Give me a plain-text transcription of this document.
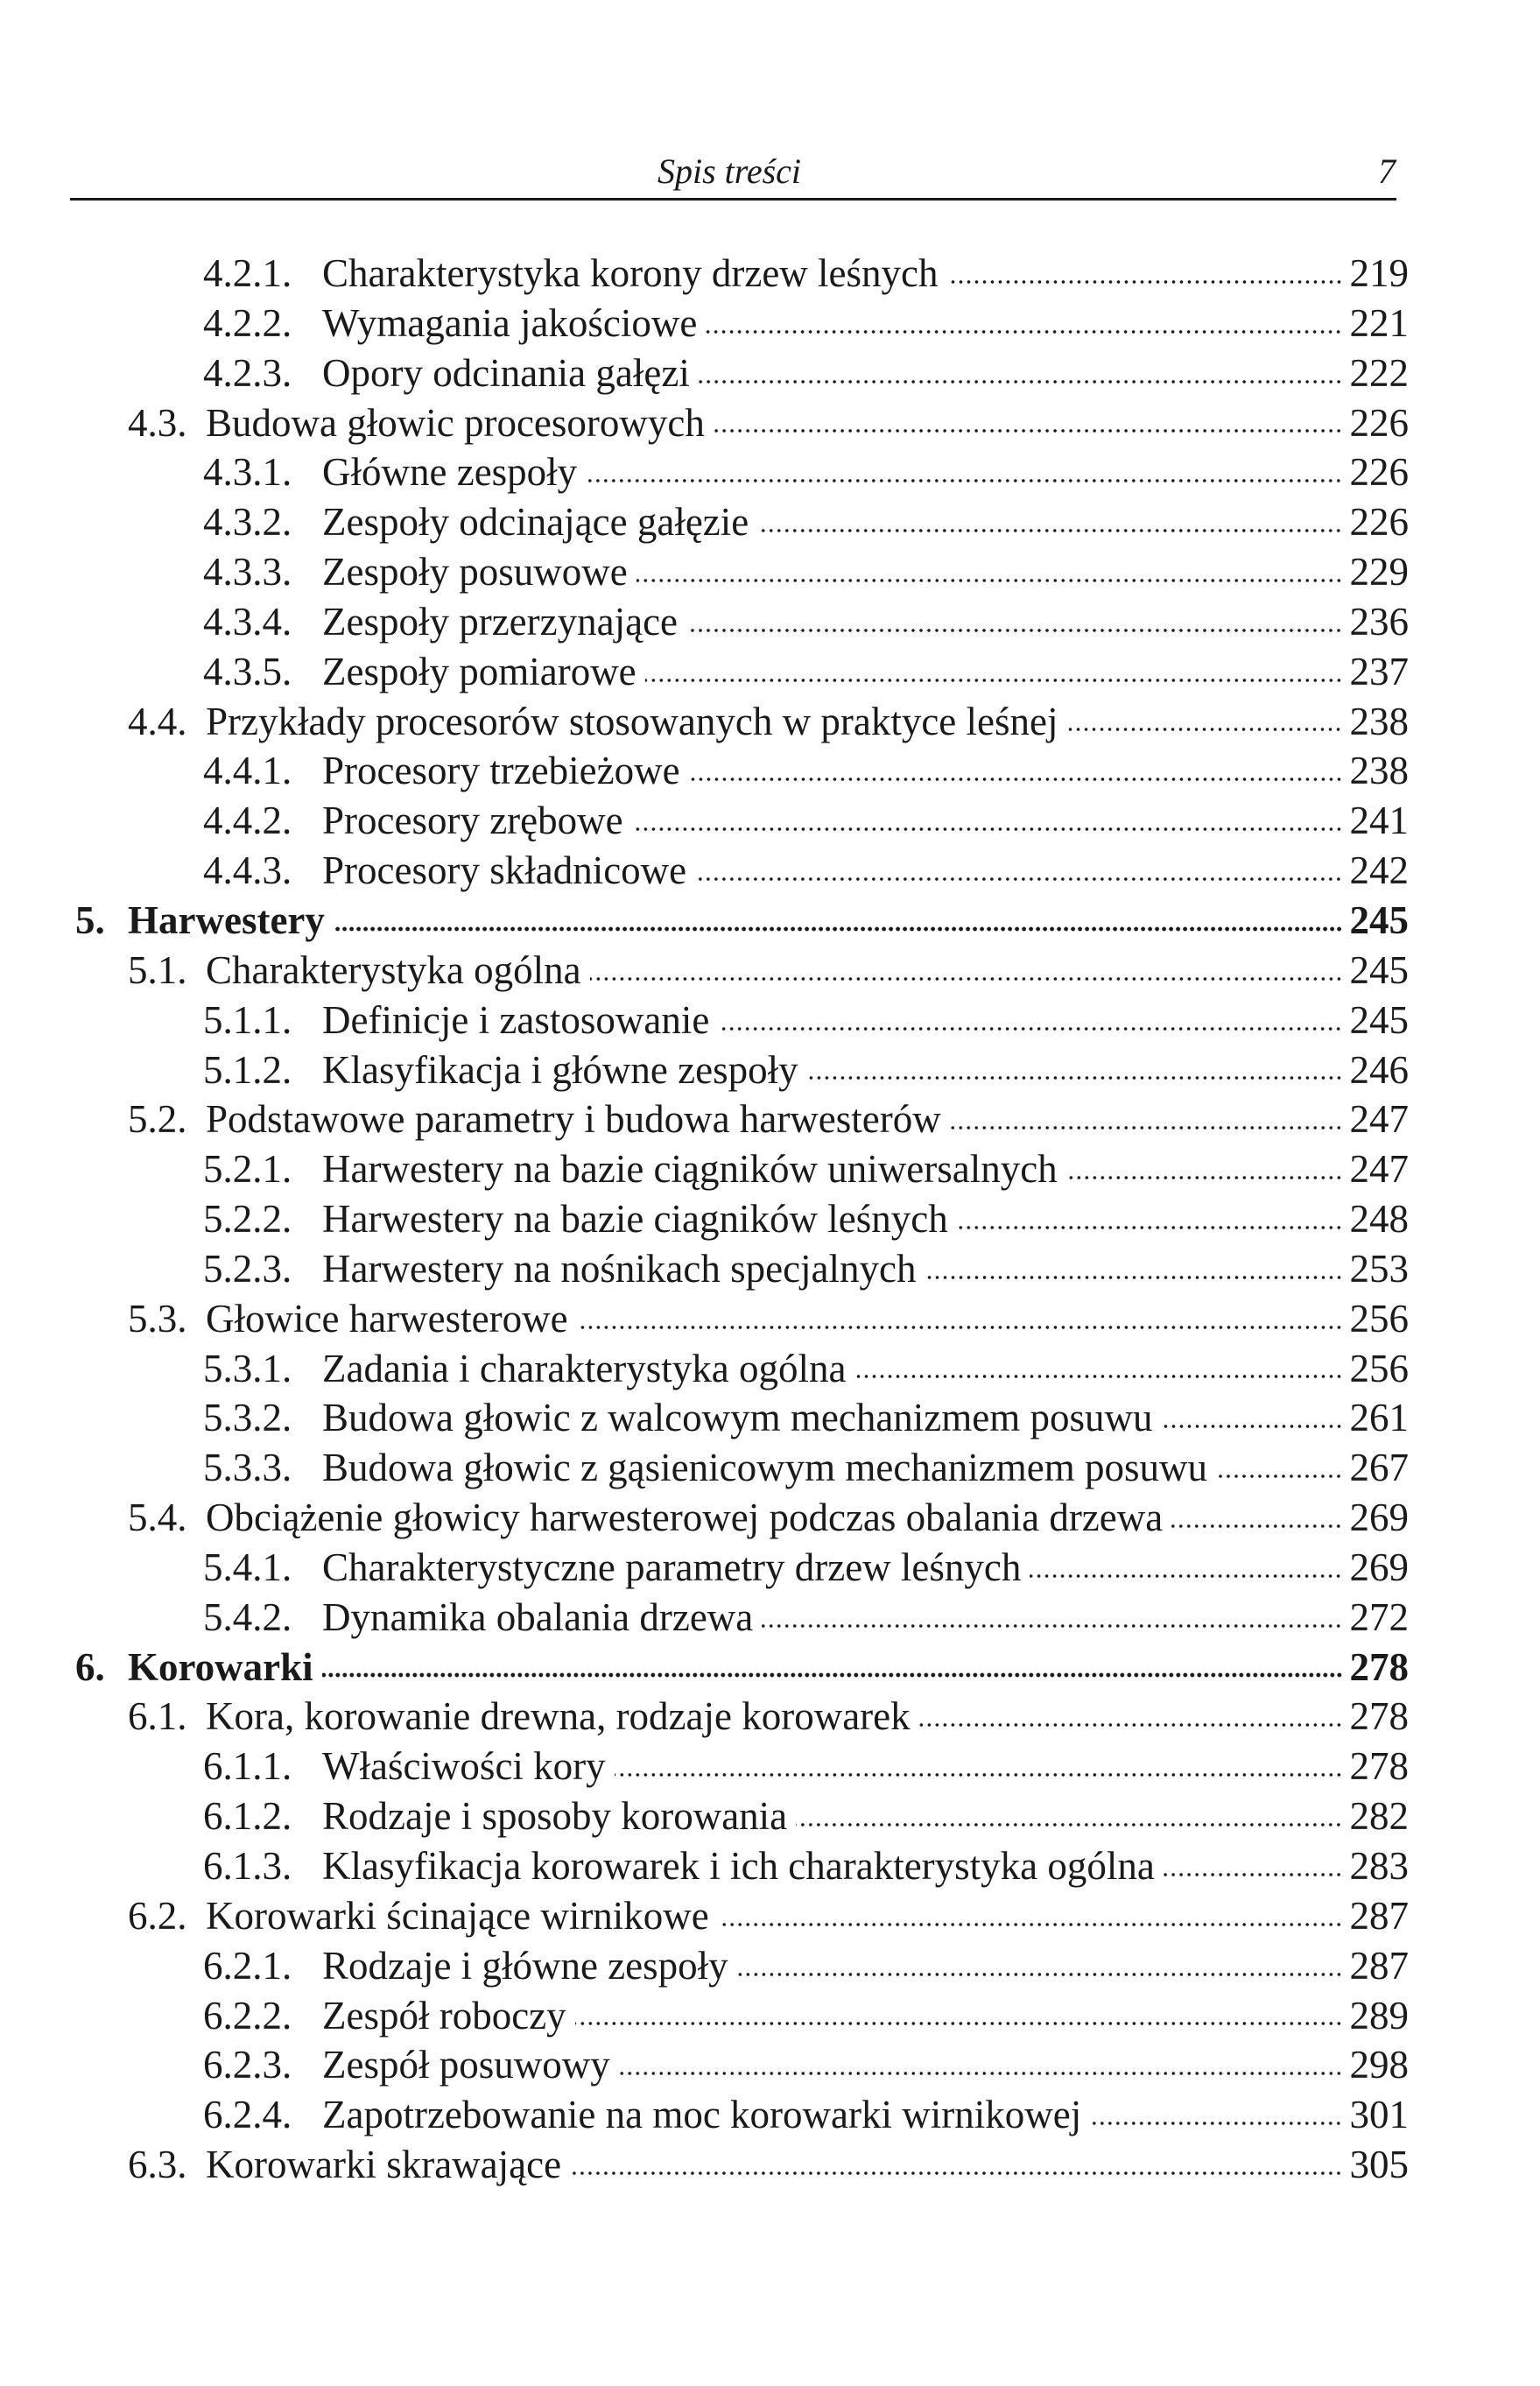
Spis treści	7
4.2.1. Charakterystyka korony drzew leśnych	219
4.2.2. Wymagania jakościowe	221
4.2.3. Opory odcinania gałęzi	222
4.3. Budowa głowic procesorowych	226
4.3.1. Główne zespoły	226
4.3.2. Zespoły odcinające gałęzie	226
4.3.3. Zespoły posuwowe	229
4.3.4. Zespoły przerzynające	236
4.3.5. Zespoły pomiarowe	237
4.4. Przykłady procesorów stosowanych w praktyce leśnej	238
4.4.1. Procesory trzebieżowe	238
4.4.2. Procesory zrębowe	241
4.4.3. Procesory składnicowe	242
5. Harwestery	245
5.1. Charakterystyka ogólna	245
5.1.1. Definicje i zastosowanie	245
5.1.2. Klasyfikacja i główne zespoły	246
5.2. Podstawowe parametry i budowa harwesterów	247
5.2.1. Harwestery na bazie ciągników uniwersalnych	247
5.2.2. Harwestery na bazie ciagników leśnych	248
5.2.3. Harwestery na nośnikach specjalnych	253
5.3. Głowice harwesterowe	256
5.3.1. Zadania i charakterystyka ogólna	256
5.3.2. Budowa głowic z walcowym mechanizmem posuwu	261
5.3.3. Budowa głowic z gąsienicowym mechanizmem posuwu	267
5.4. Obciążenie głowicy harwesterowej podczas obalania drzewa	269
5.4.1. Charakterystyczne parametry drzew leśnych	269
5.4.2. Dynamika obalania drzewa	272
6. Korowarki	278
6.1. Kora, korowanie drewna, rodzaje korowarek	278
6.1.1. Właściwości kory	278
6.1.2. Rodzaje i sposoby korowania	282
6.1.3. Klasyfikacja korowarek i ich charakterystyka ogólna	283
6.2. Korowarki ścinające wirnikowe	287
6.2.1. Rodzaje i główne zespoły	287
6.2.2. Zespół roboczy	289
6.2.3. Zespół posuwowy	298
6.2.4. Zapotrzebowanie na moc korowarki wirnikowej	301
6.3. Korowarki skrawające	305
